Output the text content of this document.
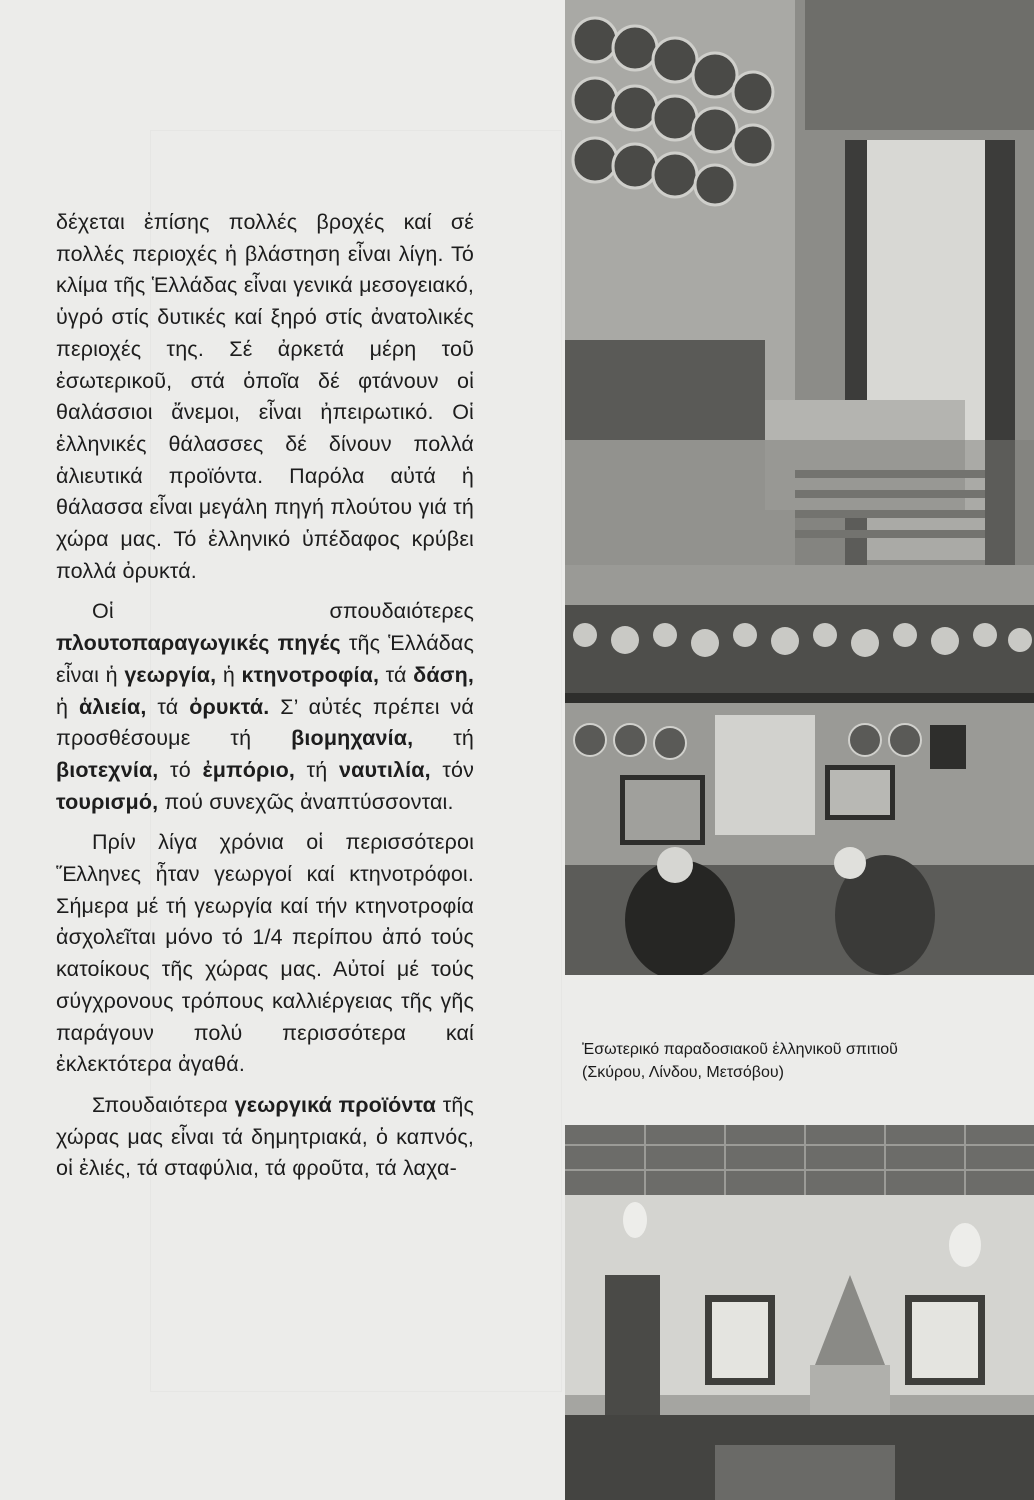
δέχεται ἐπίσης πολλές βροχές καί σέ πολλές περιοχές ἡ βλάστηση εἶναι λίγη. Τό κλίμα τῆς Ἑλλάδας εἶναι γενικά μεσογειακό, ὑγρό στίς δυτικές καί ξηρό στίς ἀνατολικές περιοχές της. Σέ ἀρκετά μέρη τοῦ ἐσωτερικοῦ, στά ὁποῖα δέ φτάνουν οἱ θαλάσσιοι ἄνεμοι, εἶναι ἠπειρωτικό. Οἱ ἑλληνικές θάλασσες δέ δίνουν πολλά ἁλιευτικά προϊόντα. Παρόλα αὐτά ἡ θάλασσα εἶναι μεγάλη πηγή πλούτου γιά τή χώρα μας. Τό ἑλληνικό ὑπέδαφος κρύβει πολλά ὀρυκτά.

Οἱ σπουδαιότερες πλουτοπαραγωγικές πηγές τῆς Ἑλλάδας εἶναι ἡ γεωργία, ἡ κτηνοτροφία, τά δάση, ἡ ἁλιεία, τά ὀρυκτά. Σ’ αὐτές πρέπει νά προσθέσουμε τή βιομηχανία, τή βιοτεχνία, τό ἐμπόριο, τή ναυτιλία, τόν τουρισμό, πού συνεχῶς ἀναπτύσσονται.

Πρίν λίγα χρόνια οἱ περισσότεροι Ἕλληνες ἦταν γεωργοί καί κτηνοτρόφοι. Σήμερα μέ τή γεωργία καί τήν κτηνοτροφία ἀσχολεῖται μόνο τό 1/4 περίπου ἀπό τούς κατοίκους τῆς χώρας μας. Αὐτοί μέ τούς σύγχρονους τρόπους καλλιέργειας τῆς γῆς παράγουν πολύ περισσότερα καί ἐκλεκτότερα ἀγαθά.

Σπουδαιότερα γεωργικά προϊόντα τῆς χώρας μας εἶναι τά δημητριακά, ὁ καπνός, οἱ ἐλιές, τά σταφύλια, τά φροῦτα, τά λαχα-

Ἐσωτερικό παραδοσιακοῦ ἑλληνικοῦ σπιτιοῦ
(Σκύρου, Λίνδου, Μετσόβου)
